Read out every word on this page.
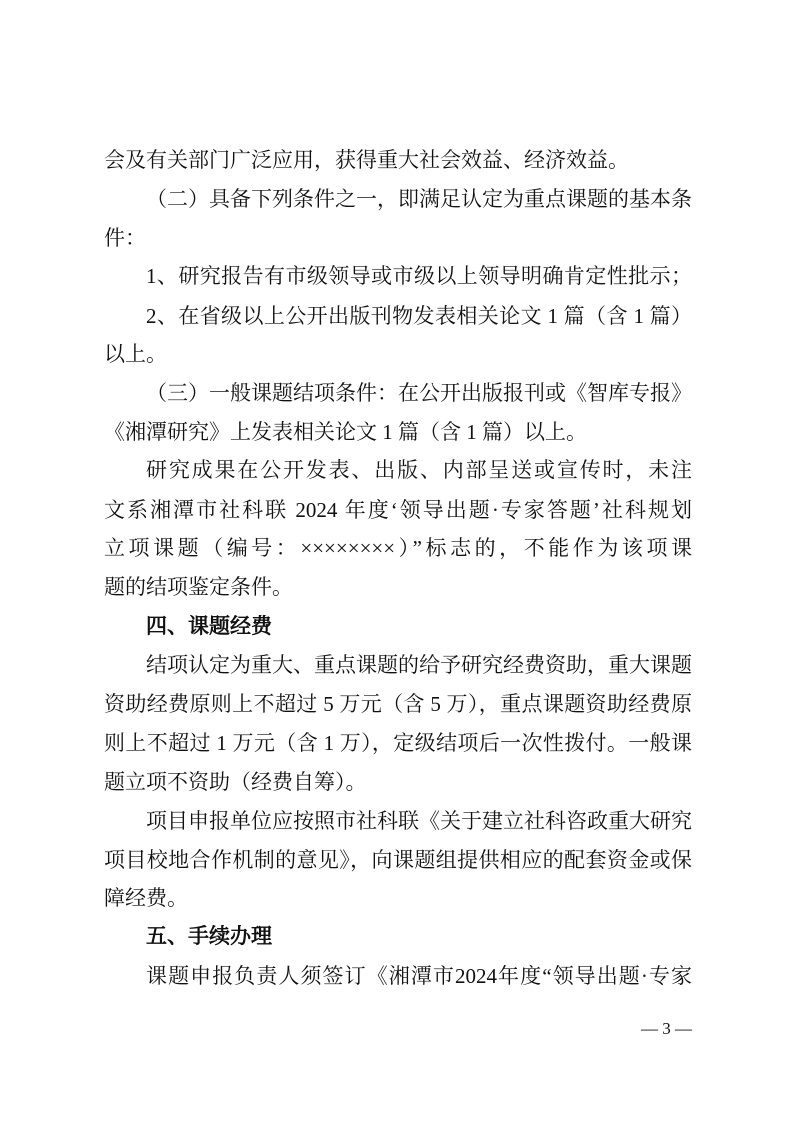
会及有关部门广泛应用，获得重大社会效益、经济效益。
（二）具备下列条件之一，即满足认定为重点课题的基本条
件：
1、研究报告有市级领导或市级以上领导明确肯定性批示；
2、在省级以上公开出版刊物发表相关论文 1 篇（含 1 篇）
以上。
（三）一般课题结项条件：在公开出版报刊或《智库专报》
《湘潭研究》上发表相关论文 1 篇（含 1 篇）以上。
研究成果在公开发表、出版、内部呈送或宣传时，未注
文系湘潭市社科联 2024 年度‘领导出题·专家答题’社科规划
立项课题（编号：××××××××）”标志的，不能作为该项课
题的结项鉴定条件。
四、课题经费
结项认定为重大、重点课题的给予研究经费资助，重大课题
资助经费原则上不超过 5 万元（含 5 万），重点课题资助经费原
则上不超过 1 万元（含 1 万），定级结项后一次性拨付。一般课
题立项不资助（经费自筹）。
项目申报单位应按照市社科联《关于建立社科咨政重大研究
项目校地合作机制的意见》，向课题组提供相应的配套资金或保
障经费。
五、手续办理
课题申报负责人须签订《湘潭市2024年度“领导出题·专家
— 3 —
